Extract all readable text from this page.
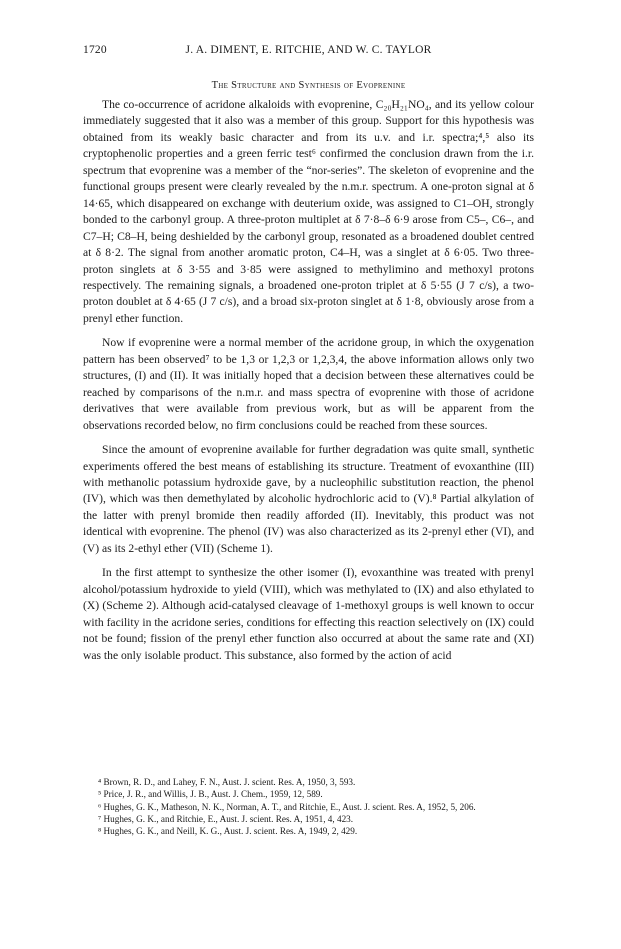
1720	J. A. DIMENT, E. RITCHIE, AND W. C. TAYLOR
The Structure and Synthesis of Evoprenine

The co-occurrence of acridone alkaloids with evoprenine, C₂₀H₂₁NO₄, and its yellow colour immediately suggested that it also was a member of this group. Support for this hypothesis was obtained from its weakly basic character and from its u.v. and i.r. spectra;⁴,⁵ also its cryptophenolic properties and a green ferric test⁶ confirmed the conclusion drawn from the i.r. spectrum that evoprenine was a member of the “nor-series”. The skeleton of evoprenine and the functional groups present were clearly revealed by the n.m.r. spectrum. A one-proton signal at δ 14·65, which disappeared on exchange with deuterium oxide, was assigned to C1–OH, strongly bonded to the carbonyl group. A three-proton multiplet at δ 7·8–δ 6·9 arose from C5–, C6–, and C7–H; C8–H, being deshielded by the carbonyl group, resonated as a broadened doublet centred at δ 8·2. The signal from another aromatic proton, C4–H, was a singlet at δ 6·05. Two three-proton singlets at δ 3·55 and 3·85 were assigned to methylimino and methoxyl protons respectively. The remaining signals, a broadened one-proton triplet at δ 5·55 (J 7 c/s), a two-proton doublet at δ 4·65 (J 7 c/s), and a broad six-proton singlet at δ 1·8, obviously arose from a prenyl ether function.

Now if evoprenine were a normal member of the acridone group, in which the oxygenation pattern has been observed⁷ to be 1,3 or 1,2,3 or 1,2,3,4, the above information allows only two structures, (I) and (II). It was initially hoped that a decision between these alternatives could be reached by comparisons of the n.m.r. and mass spectra of evoprenine with those of acridone derivatives that were available from previous work, but as will be apparent from the observations recorded below, no firm conclusions could be reached from these sources.

Since the amount of evoprenine available for further degradation was quite small, synthetic experiments offered the best means of establishing its structure. Treatment of evoxanthine (III) with methanolic potassium hydroxide gave, by a nucleophilic substitution reaction, the phenol (IV), which was then demethylated by alcoholic hydrochloric acid to (V).⁸ Partial alkylation of the latter with prenyl bromide then readily afforded (II). Inevitably, this product was not identical with evoprenine. The phenol (IV) was also characterized as its 2-prenyl ether (VI), and (V) as its 2-ethyl ether (VII) (Scheme 1).

In the first attempt to synthesize the other isomer (I), evoxanthine was treated with prenyl alcohol/potassium hydroxide to yield (VIII), which was methylated to (IX) and also ethylated to (X) (Scheme 2). Although acid-catalysed cleavage of 1-methoxyl groups is well known to occur with facility in the acridone series, conditions for effecting this reaction selectively on (IX) could not be found; fission of the prenyl ether function also occurred at about the same rate and (XI) was the only isolable product. This substance, also formed by the action of acid

⁴ Brown, R. D., and Lahey, F. N., Aust. J. scient. Res. A, 1950, 3, 593.

⁵ Price, J. R., and Willis, J. B., Aust. J. Chem., 1959, 12, 589.

⁶ Hughes, G. K., Matheson, N. K., Norman, A. T., and Ritchie, E., Aust. J. scient. Res. A, 1952, 5, 206.

⁷ Hughes, G. K., and Ritchie, E., Aust. J. scient. Res. A, 1951, 4, 423.

⁸ Hughes, G. K., and Neill, K. G., Aust. J. scient. Res. A, 1949, 2, 429.
